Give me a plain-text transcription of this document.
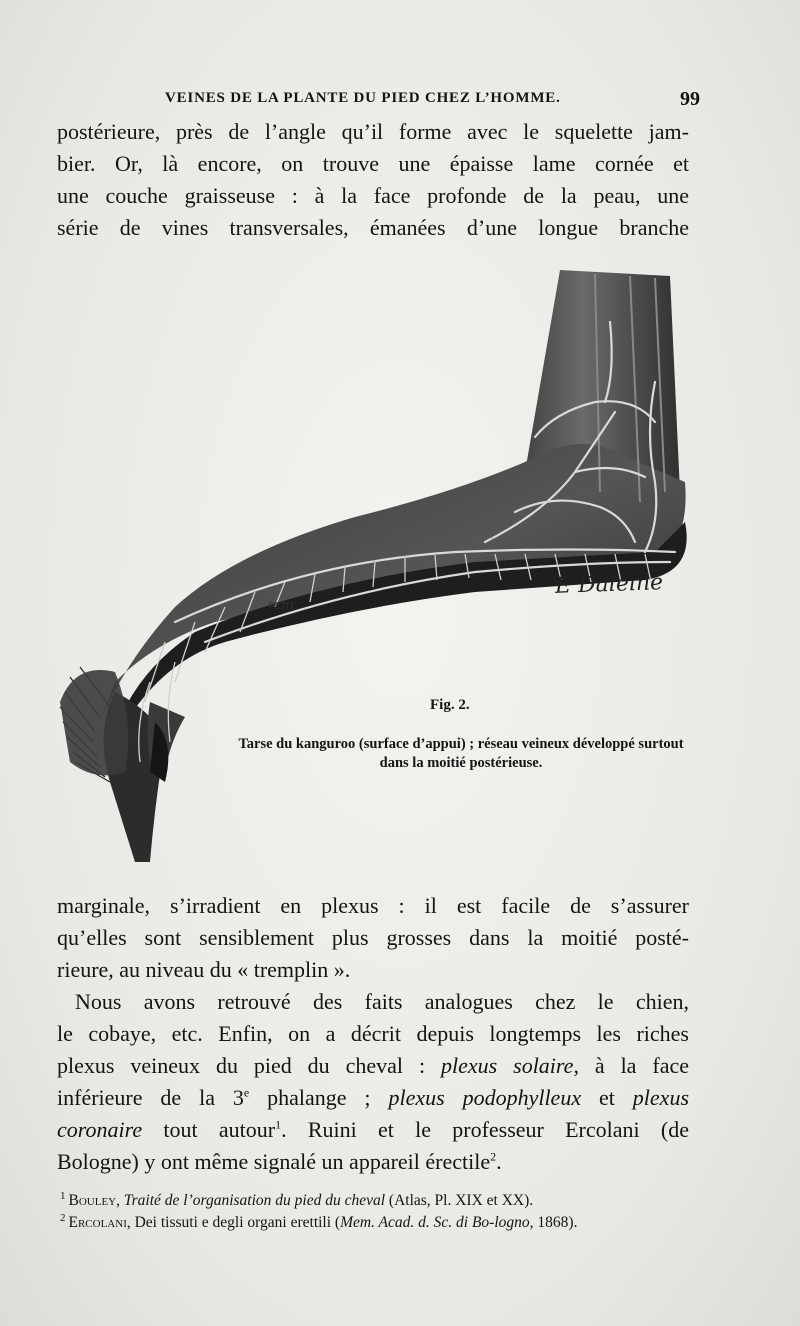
VEINES DE LA PLANTE DU PIED CHEZ L’HOMME.	99
postérieure, près de l’angle qu’il forme avec le squelette jam-
bier. Or, là encore, on trouve une épaisse lame cornée et
une couche graisseuse : à la face profonde de la peau, une
série de vines transversales, émanées d’une longue branche
E Daleine
PETIT.
Fig. 2.
Tarse du kanguroo (surface d’appui) ; réseau veineux développé surtout dans la moitié postérieuse.

marginale, s’irradient en plexus : il est facile de s’assurer
qu’elles sont sensiblement plus grosses dans la moitié posté-
rieure, au niveau du « tremplin ».

Nous avons retrouvé des faits analogues chez le chien,
le cobaye, etc. Enfin, on a décrit depuis longtemps les riches
plexus veineux du pied du cheval : plexus solaire, à la face
inférieure de la 3e phalange ; plexus podophylleux et plexus
coronaire tout autour$^1$. Ruini et le professeur Ercolani (de
Bologne) y ont même signalé un appareil érectile$^2$.

$^1$ Bouley, Traité de l’organisation du pied du cheval (Atlas, Pl. XIX et XX).

$^2$ Ercolani, Dei tissuti e degli organi erettili (Mem. Acad. d. Sc. di Bo-logno, 1868).
